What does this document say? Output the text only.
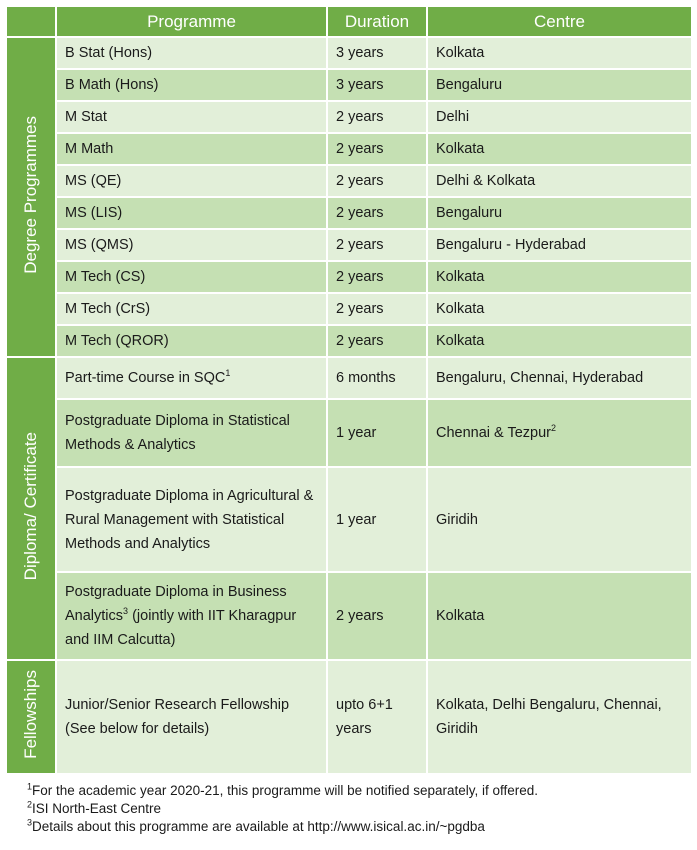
	Programme	Duration	Centre
Degree Programmes	B Stat (Hons)	3 years	Kolkata
	B Math (Hons)	3 years	Bengaluru
	M Stat	2 years	Delhi
	M Math	2 years	Kolkata
	MS (QE)	2 years	Delhi & Kolkata
	MS (LIS)	2 years	Bengaluru
	MS (QMS)	2 years	Bengaluru - Hyderabad
	M Tech (CS)	2 years	Kolkata
	M Tech (CrS)	2 years	Kolkata
	M Tech (QROR)	2 years	Kolkata
Diploma/ Certificate	Part-time Course in SQC$^1$	6 months	Bengaluru, Chennai, Hyderabad
	Postgraduate Diploma in Statistical Methods & Analytics	1 year	Chennai & Tezpur$^2$
	Postgraduate Diploma in Agricultural & Rural Management with Statistical Methods and Analytics	1 year	Giridih
	Postgraduate Diploma in Business Analytics$^3$ (jointly with IIT Kharagpur and IIM Calcutta)	2 years	Kolkata
Fellowships	Junior/Senior Research Fellowship (See below for details)	upto 6+1 years	Kolkata, Delhi Bengaluru, Chennai, Giridih
$^1$For the academic year 2020-21, this programme will be notified separately, if offered.
$^2$ISI North-East Centre
$^3$Details about this programme are available at http://www.isical.ac.in/~pgdba
